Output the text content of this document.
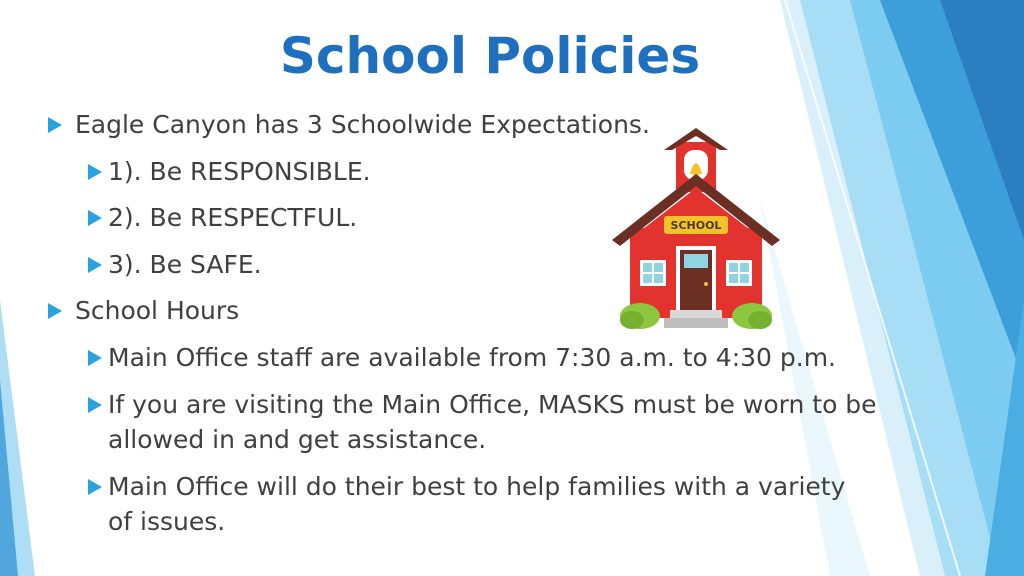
School Policies
Eagle Canyon has 3 Schoolwide Expectations.
1). Be RESPONSIBLE.
2). Be RESPECTFUL.
3). Be SAFE.
School Hours
Main Office staff are available from 7:30 a.m. to 4:30 p.m.
If you are visiting the Main Office, MASKS must be worn to be
allowed in and get assistance.
Main Office will do their best to help families with a variety
of issues.
SCHOOL
